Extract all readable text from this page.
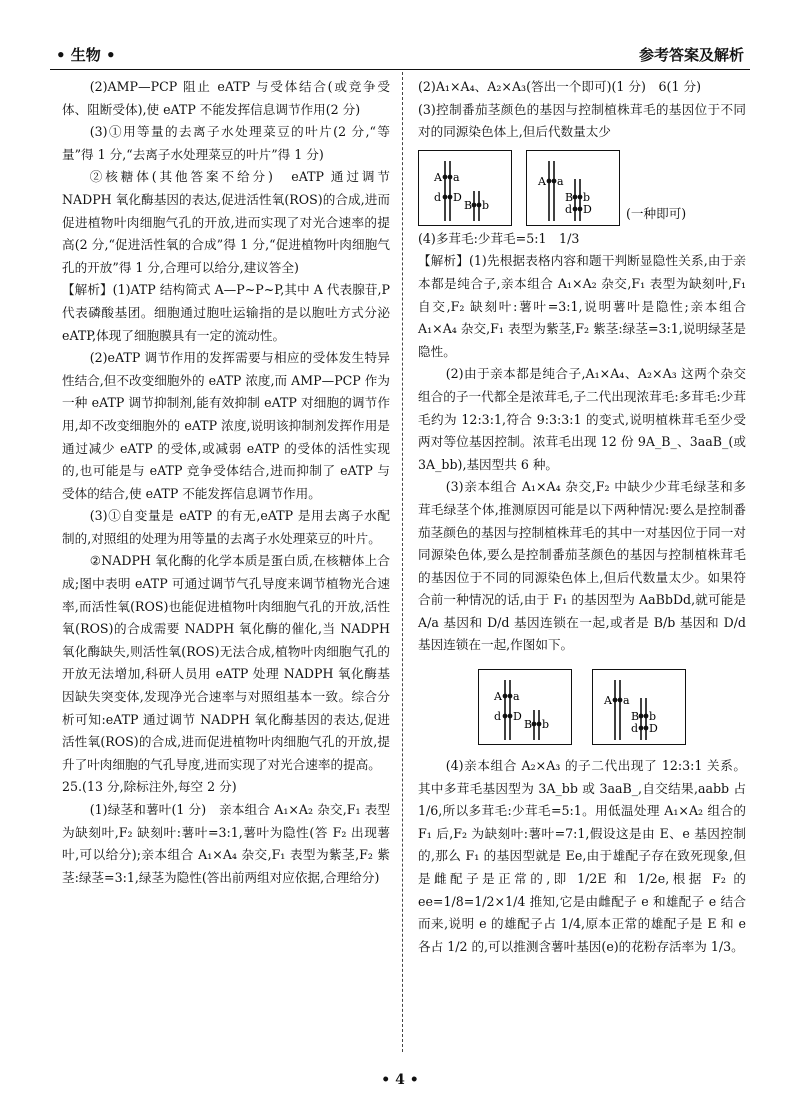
• 生物 •	参考答案及解析

(2)AMP—PCP 阻止 eATP 与受体结合(或竞争受体、阻断受体),使 eATP 不能发挥信息调节作用(2 分)

(3)①用等量的去离子水处理菜豆的叶片(2 分,“等量”得 1 分,“去离子水处理菜豆的叶片”得 1 分)

②核糖体(其他答案不给分)　eATP 通过调节 NADPH 氧化酶基因的表达,促进活性氧(ROS)的合成,进而促进植物叶肉细胞气孔的开放,进而实现了对光合速率的提高(2 分,“促进活性氧的合成”得 1 分,“促进植物叶肉细胞气孔的开放”得 1 分,合理可以给分,建议答全)

【解析】(1)ATP 结构简式 A—P~P~P,其中 A 代表腺苷,P 代表磷酸基团。细胞通过胞吐运输指的是以胞吐方式分泌 eATP,体现了细胞膜具有一定的流动性。

(2)eATP 调节作用的发挥需要与相应的受体发生特异性结合,但不改变细胞外的 eATP 浓度,而 AMP—PCP 作为一种 eATP 调节抑制剂,能有效抑制 eATP 对细胞的调节作用,却不改变细胞外的 eATP 浓度,说明该抑制剂发挥作用是通过减少 eATP 的受体,或减弱 eATP 的受体的活性实现的,也可能是与 eATP 竞争受体结合,进而抑制了 eATP 与受体的结合,使 eATP 不能发挥信息调节作用。

(3)①自变量是 eATP 的有无,eATP 是用去离子水配制的,对照组的处理为用等量的去离子水处理菜豆的叶片。

②NADPH 氧化酶的化学本质是蛋白质,在核糖体上合成;图中表明 eATP 可通过调节气孔导度来调节植物光合速率,而活性氧(ROS)也能促进植物叶肉细胞气孔的开放,活性氧(ROS)的合成需要 NADPH 氧化酶的催化,当 NADPH 氧化酶缺失,则活性氧(ROS)无法合成,植物叶肉细胞气孔的开放无法增加,科研人员用 eATP 处理 NADPH 氧化酶基因缺失突变体,发现净光合速率与对照组基本一致。综合分析可知:eATP 通过调节 NADPH 氧化酶基因的表达,促进活性氧(ROS)的合成,进而促进植物叶肉细胞气孔的开放,提升了叶肉细胞的气孔导度,进而实现了对光合速率的提高。

25.(13 分,除标注外,每空 2 分)

(1)绿茎和薯叶(1 分)　亲本组合 A₁×A₂ 杂交,F₁ 表型为缺刻叶,F₂ 缺刻叶:薯叶=3:1,薯叶为隐性(答 F₂ 出现薯叶,可以给分);亲本组合 A₁×A₄ 杂交,F₁ 表型为紫茎,F₂ 紫茎:绿茎=3:1,绿茎为隐性(答出前两组对应依据,合理给分)

(2)A₁×A₄、A₂×A₃(答出一个即可)(1 分)　6(1 分)

(3)控制番茄茎颜色的基因与控制植株茸毛的基因位于不同对的同源染色体上,但后代数量太少

A a
d D
B b
A a
B b
d D	(一种即可)

(4)多茸毛:少茸毛=5:1　1/3

【解析】(1)先根据表格内容和题干判断显隐性关系,由于亲本都是纯合子,亲本组合 A₁×A₂ 杂交,F₁ 表型为缺刻叶,F₁ 自交,F₂ 缺刻叶:薯叶=3:1,说明薯叶是隐性;亲本组合 A₁×A₄ 杂交,F₁ 表型为紫茎,F₂ 紫茎:绿茎=3:1,说明绿茎是隐性。

(2)由于亲本都是纯合子,A₁×A₄、A₂×A₃ 这两个杂交组合的子一代都全是浓茸毛,子二代出现浓茸毛:多茸毛:少茸毛约为 12:3:1,符合 9:3:3:1 的变式,说明植株茸毛至少受两对等位基因控制。浓茸毛出现 12 份 9A_B_、3aaB_(或 3A_bb),基因型共 6 种。

(3)亲本组合 A₁×A₄ 杂交,F₂ 中缺少少茸毛绿茎和多茸毛绿茎个体,推测原因可能是以下两种情况:要么是控制番茄茎颜色的基因与控制植株茸毛的其中一对基因位于同一对同源染色体,要么是控制番茄茎颜色的基因与控制植株茸毛的基因位于不同的同源染色体上,但后代数量太少。如果符合前一种情况的话,由于 F₁ 的基因型为 AaBbDd,就可能是 A/a 基因和 D/d 基因连锁在一起,或者是 B/b 基因和 D/d 基因连锁在一起,作图如下。

A a
d D
B b
A a
B b
d D

(4)亲本组合 A₂×A₃ 的子二代出现了 12:3:1 关系。其中多茸毛基因型为 3A_bb 或 3aaB_,自交结果,aabb 占 1/6,所以多茸毛:少茸毛=5:1。用低温处理 A₁×A₂ 组合的 F₁ 后,F₂ 为缺刻叶:薯叶=7:1,假设这是由 E、e 基因控制的,那么 F₁ 的基因型就是 Ee,由于雄配子存在致死现象,但是雌配子是正常的,即 1/2E 和 1/2e,根据 F₂ 的 ee=1/8=1/2×1/4 推知,它是由雌配子 e 和雄配子 e 结合而来,说明 e 的雄配子占 1/4,原本正常的雄配子是 E 和 e 各占 1/2 的,可以推测含薯叶基因(e)的花粉存活率为 1/3。

• 4 •
